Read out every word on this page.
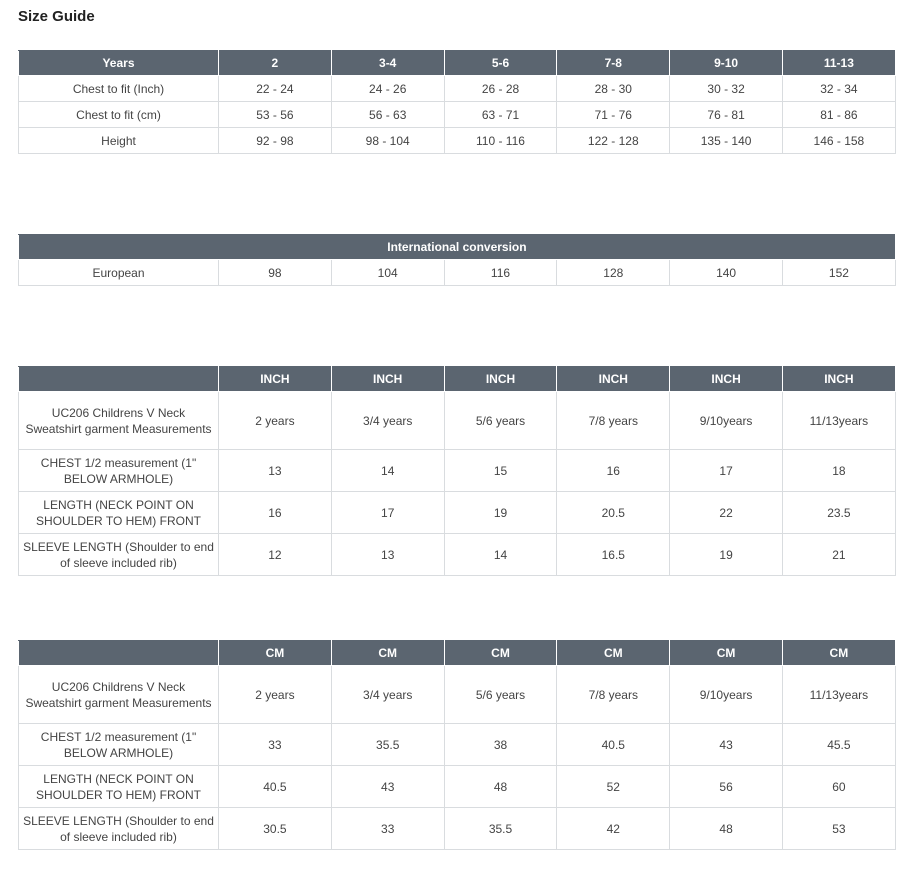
Size Guide
Years	2	3-4	5-6	7-8	9-10	11-13
Chest to fit (Inch)	22 - 24	24 - 26	26 - 28	28 - 30	30 - 32	32 - 34
Chest to fit (cm)	53 - 56	56 - 63	63 - 71	71 - 76	76 - 81	81 - 86
Height	92 - 98	98 - 104	110 - 116	122 - 128	135 - 140	146 - 158
International conversion
European	98	104	116	128	140	152
	INCH	INCH	INCH	INCH	INCH	INCH
UC206 Childrens V Neck Sweatshirt garment Measurements	2 years	3/4 years	5/6 years	7/8 years	9/10years	11/13years
CHEST 1/2 measurement (1" BELOW ARMHOLE)	13	14	15	16	17	18
LENGTH (NECK POINT ON SHOULDER TO HEM) FRONT	16	17	19	20.5	22	23.5
SLEEVE LENGTH (Shoulder to end of sleeve included rib)	12	13	14	16.5	19	21
	CM	CM	CM	CM	CM	CM
UC206 Childrens V Neck Sweatshirt garment Measurements	2 years	3/4 years	5/6 years	7/8 years	9/10years	11/13years
CHEST 1/2 measurement (1" BELOW ARMHOLE)	33	35.5	38	40.5	43	45.5
LENGTH (NECK POINT ON SHOULDER TO HEM) FRONT	40.5	43	48	52	56	60
SLEEVE LENGTH (Shoulder to end of sleeve included rib)	30.5	33	35.5	42	48	53
